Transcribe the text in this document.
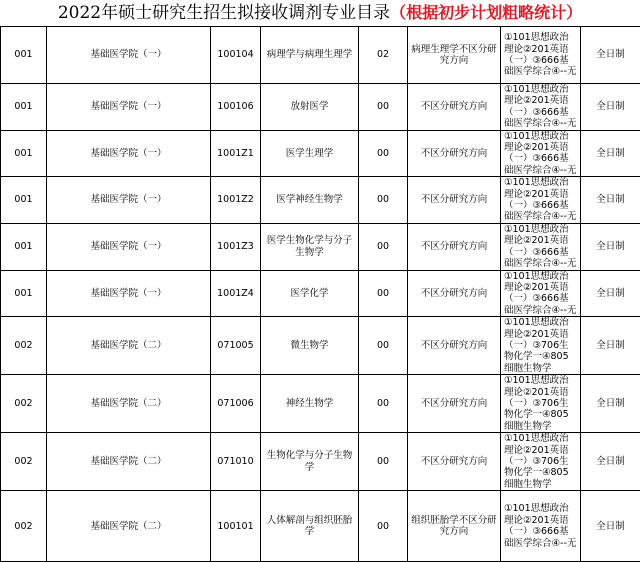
2022年硕士研究生招生拟接收调剂专业目录（根据初步计划粗略统计）
001	基础医学院（一）	100104	病理学与病理生理学	02	病理生理学不区分研究方向	①101思想政治理论②201英语（一）③666基础医学综合④--无	全日制
001	基础医学院（一）	100106	放射医学	00	不区分研究方向	①101思想政治理论②201英语（一）③666基础医学综合④--无	全日制
001	基础医学院（一）	1001Z1	医学生理学	00	不区分研究方向	①101思想政治理论②201英语（一）③666基础医学综合④--无	全日制
001	基础医学院（一）	1001Z2	医学神经生物学	00	不区分研究方向	①101思想政治理论②201英语（一）③666基础医学综合④--无	全日制
001	基础医学院（一）	1001Z3	医学生物化学与分子生物学	00	不区分研究方向	①101思想政治理论②201英语（一）③666基础医学综合④--无	全日制
001	基础医学院（一）	1001Z4	医学化学	00	不区分研究方向	①101思想政治理论②201英语（一）③666基础医学综合④--无	全日制
002	基础医学院（二）	071005	微生物学	00	不区分研究方向	①101思想政治理论②201英语（一）③706生物化学一④805细胞生物学	全日制
002	基础医学院（二）	071006	神经生物学	00	不区分研究方向	①101思想政治理论②201英语（一）③706生物化学一④805细胞生物学	全日制
002	基础医学院（二）	071010	生物化学与分子生物学	00	不区分研究方向	①101思想政治理论②201英语（一）③706生物化学一④805细胞生物学	全日制
002	基础医学院（二）	100101	人体解剖与组织胚胎学	00	组织胚胎学不区分研究方向	①101思想政治理论②201英语（一）③666基础医学综合④--无	全日制
